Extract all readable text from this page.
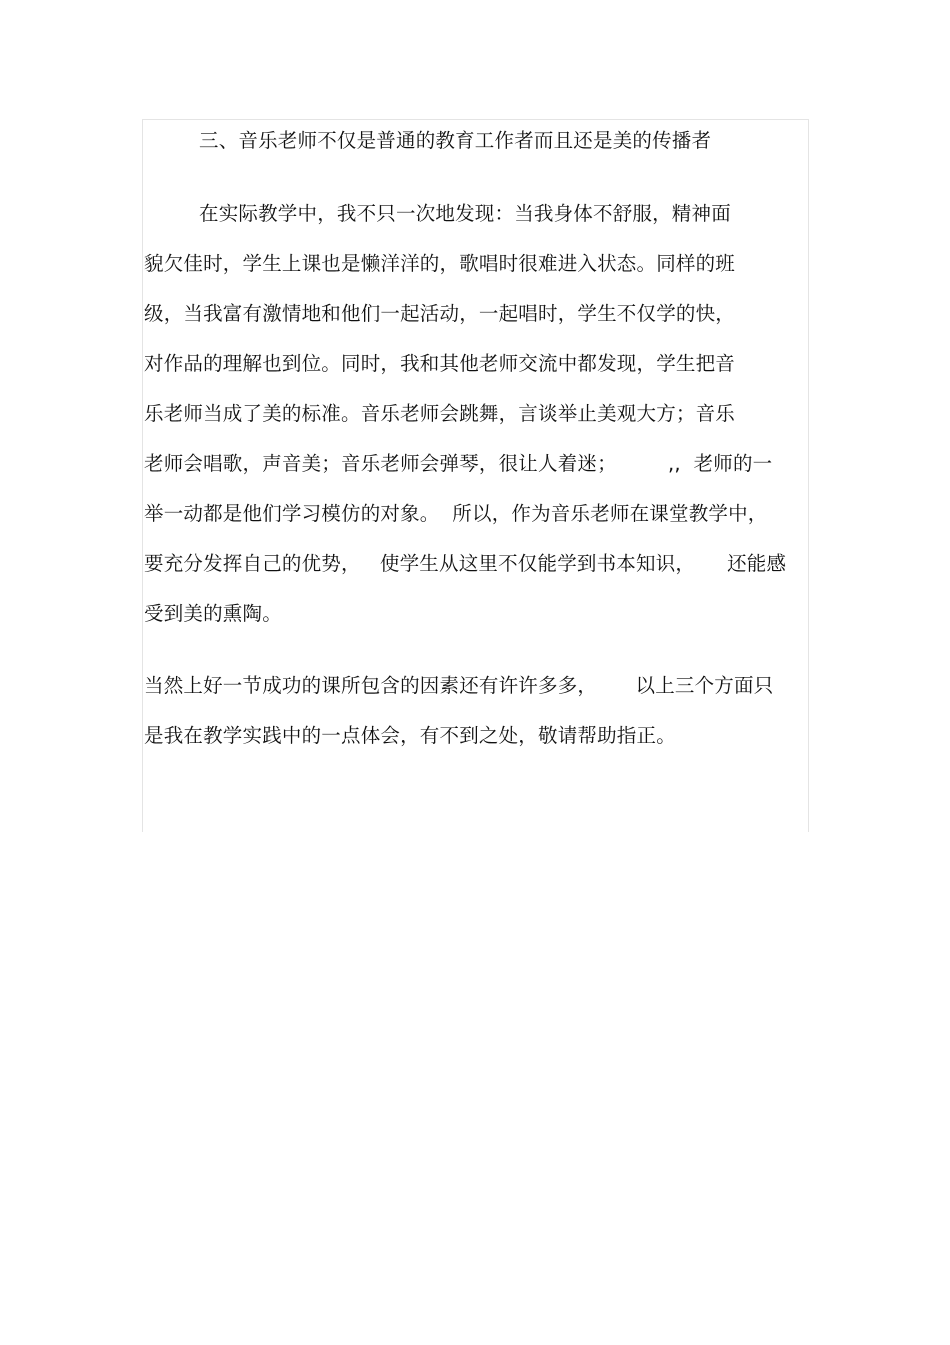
三、音乐老师不仅是普通的教育工作者而且还是美的传播者
在实际教学中，我不只一次地发现：当我身体不舒服，精神面
貌欠佳时，学生上课也是懒洋洋的，歌唱时很难进入状态。同样的班
级，当我富有激情地和他们一起活动，一起唱时，学生不仅学的快，
对作品的理解也到位。同时，我和其他老师交流中都发现，学生把音
乐老师当成了美的标准。音乐老师会跳舞，言谈举止美观大方；音乐
老师会唱歌，声音美；音乐老师会弹琴，很让人着迷；        ,,  老师的一
举一动都是他们学习模仿的对象。  所以，作为音乐老师在课堂教学中，
要充分发挥自己的优势，   使学生从这里不仅能学到书本知识，     还能感
受到美的熏陶。
当然上好一节成功的课所包含的因素还有许许多多，      以上三个方面只
是我在教学实践中的一点体会，有不到之处，敬请帮助指正。
